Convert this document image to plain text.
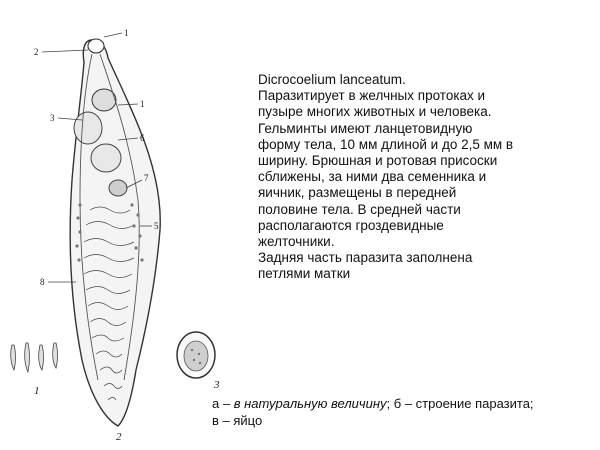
1
2
1
3
6
7
5
8
1
2
3
Dicrocoelium lanceatum.
Паразитирует в желчных протоках и
пузыре многих животных и человека.
Гельминты имеют ланцетовидную
форму тела, 10 мм длиной и до 2,5 мм в
ширину. Брюшная и ротовая присоски
сближены, за ними два семенника и
яичник, размещены в передней
половине тела. В средней части
располагаются гроздевидные
желточники.
Задняя часть паразита заполнена
петлями матки
а – в натуральную величину; б – строение паразита;
в – яйцо
